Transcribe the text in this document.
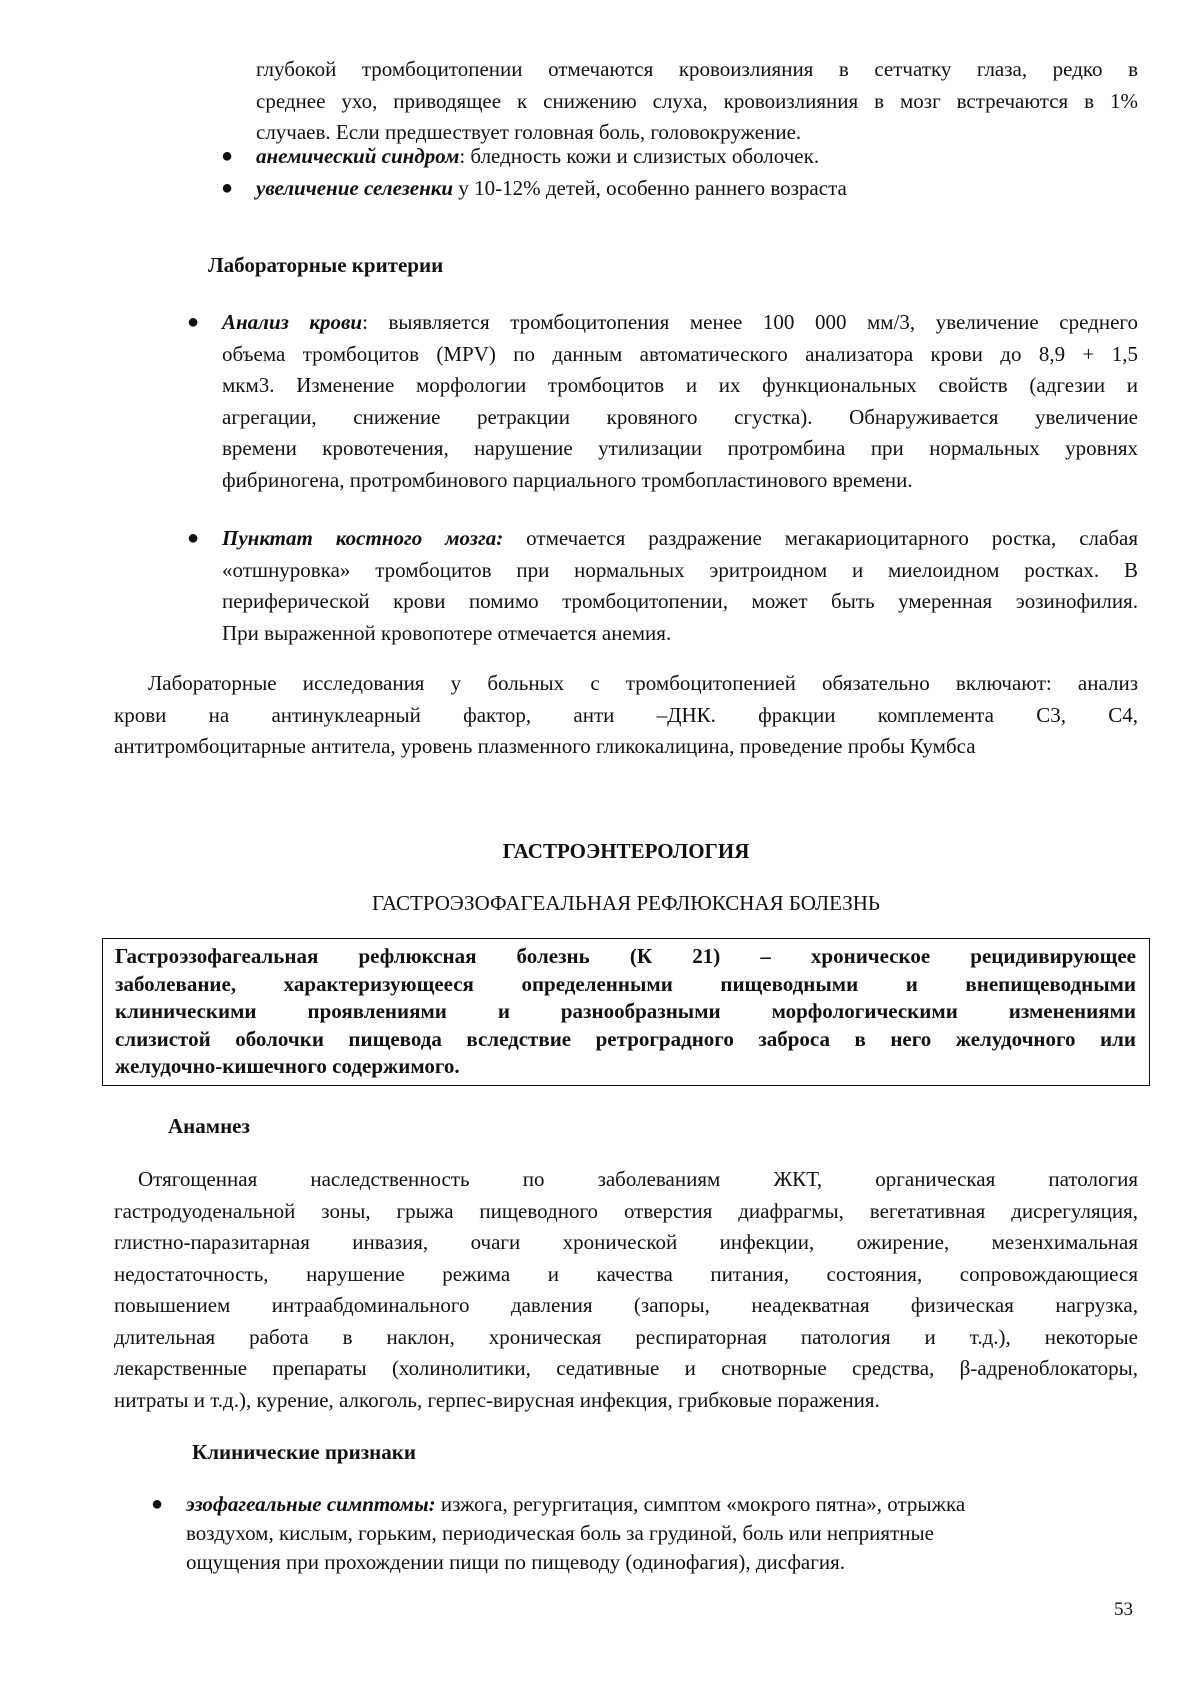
глубокой тромбоцитопении отмечаются кровоизлияния в сетчатку глаза, редко в
среднее ухо, приводящее к снижению слуха, кровоизлияния в мозг встречаются в 1%
случаев. Если предшествует головная боль, головокружение.
● анемический синдром: бледность кожи и слизистых оболочек.
● увеличение селезенки у 10-12% детей, особенно раннего возраста
Лабораторные критерии
● Анализ крови: выявляется тромбоцитопения менее 100 000 мм/3, увеличение среднего
объема тромбоцитов (MPV) по данным автоматического анализатора крови до 8,9 + 1,5
мкм3. Изменение морфологии тромбоцитов и их функциональных свойств (адгезии и
агрегации, снижение ретракции кровяного сгустка). Обнаруживается увеличение
времени кровотечения, нарушение утилизации протромбина при нормальных уровнях
фибриногена, протромбинового парциального тромбопластинового времени.
● Пунктат костного мозга: отмечается раздражение мегакариоцитарного ростка, слабая
«отшнуровка» тромбоцитов при нормальных эритроидном и миелоидном ростках. В
периферической крови помимо тромбоцитопении, может быть умеренная эозинофилия.
При выраженной кровопотере отмечается анемия.
Лабораторные исследования у больных с тромбоцитопенией обязательно включают: анализ
крови на антинуклеарный фактор, анти –ДНК. фракции комплемента С3, С4,
антитромбоцитарные антитела, уровень плазменного гликокалицина, проведение пробы Кумбса
ГАСТРОЭНТЕРОЛОГИЯ
ГАСТРОЭЗОФАГЕАЛЬНАЯ РЕФЛЮКСНАЯ БОЛЕЗНЬ
Гастроэзофагеальная рефлюксная болезнь (К 21) – хроническое рецидивирующее
заболевание, характеризующееся определенными пищеводными и внепищеводными
клиническими проявлениями и разнообразными морфологическими изменениями
слизистой оболочки пищевода вследствие ретроградного заброса в него желудочного или
желудочно-кишечного содержимого.
Анамнез
Отягощенная наследственность по заболеваниям ЖКТ, органическая патология
гастродуоденальной зоны, грыжа пищеводного отверстия диафрагмы, вегетативная дисрегуляция,
глистно-паразитарная инвазия, очаги хронической инфекции, ожирение, мезенхимальная
недостаточность, нарушение режима и качества питания, состояния, сопровождающиеся
повышением интраабдоминального давления (запоры, неадекватная физическая нагрузка,
длительная работа в наклон, хроническая респираторная патология и т.д.), некоторые
лекарственные препараты (холинолитики, седативные и снотворные средства, β-адреноблокаторы,
нитраты и т.д.), курение, алкоголь, герпес-вирусная инфекция, грибковые поражения.
Клинические признаки
● эзофагеальные симптомы: изжога, регургитация, симптом «мокрого пятна», отрыжка
воздухом, кислым, горьким, периодическая боль за грудиной, боль или неприятные
ощущения при прохождении пищи по пищеводу (одинофагия), дисфагия.
53
